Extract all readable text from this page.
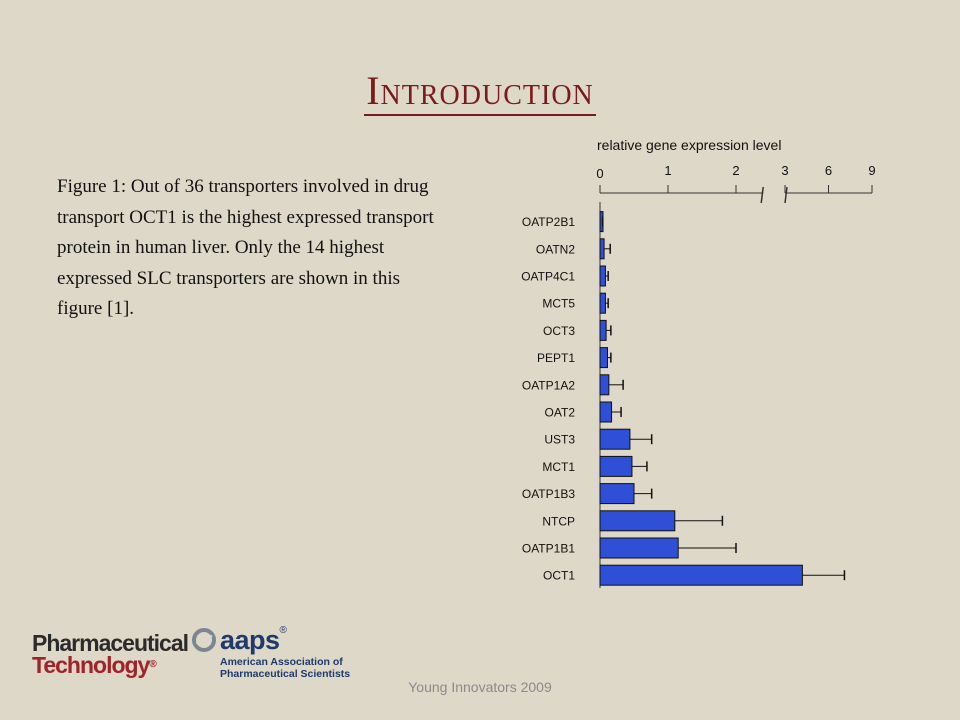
Introduction
Figure 1: Out of 36 transporters involved in drug transport OCT1 is the highest expressed transport protein in human liver. Only the 14 highest expressed SLC transporters are shown in this figure [1].
relative gene expression level
0	1	2	3	6	9
OATP2B1
OATN2
OATP4C1
MCT5
OCT3
PEPT1
OATP1A2
OAT2
UST3
MCT1
OATP1B3
NTCP
OATP1B1
OCT1
Pharmaceutical
Technology®
aaps®
American Association of Pharmaceutical Scientists
Young Innovators 2009
